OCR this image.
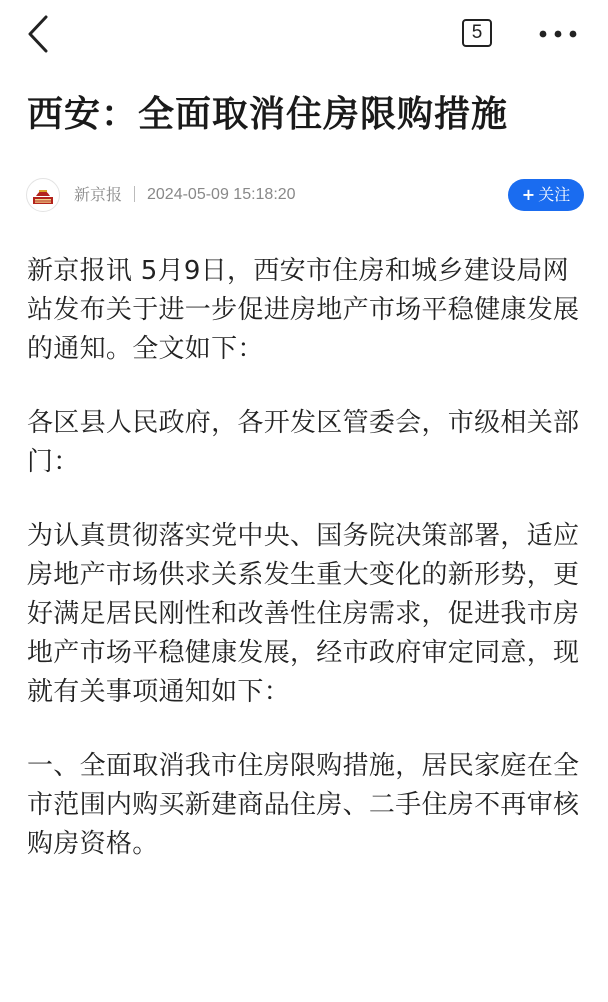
5
西安：全面取消住房限购措施
新京报 2024-05-09 15:18:20	+ 关注

新京报讯 5月9日，西安市住房和城乡建设局网站发布关于进一步促进房地产市场平稳健康发展的通知。全文如下：

各区县人民政府，各开发区管委会，市级相关部门：

为认真贯彻落实党中央、国务院决策部署，适应房地产市场供求关系发生重大变化的新形势，更好满足居民刚性和改善性住房需求，促进我市房地产市场平稳健康发展，经市政府审定同意，现就有关事项通知如下：

一、全面取消我市住房限购措施，居民家庭在全市范围内购买新建商品住房、二手住房不再审核购房资格。
